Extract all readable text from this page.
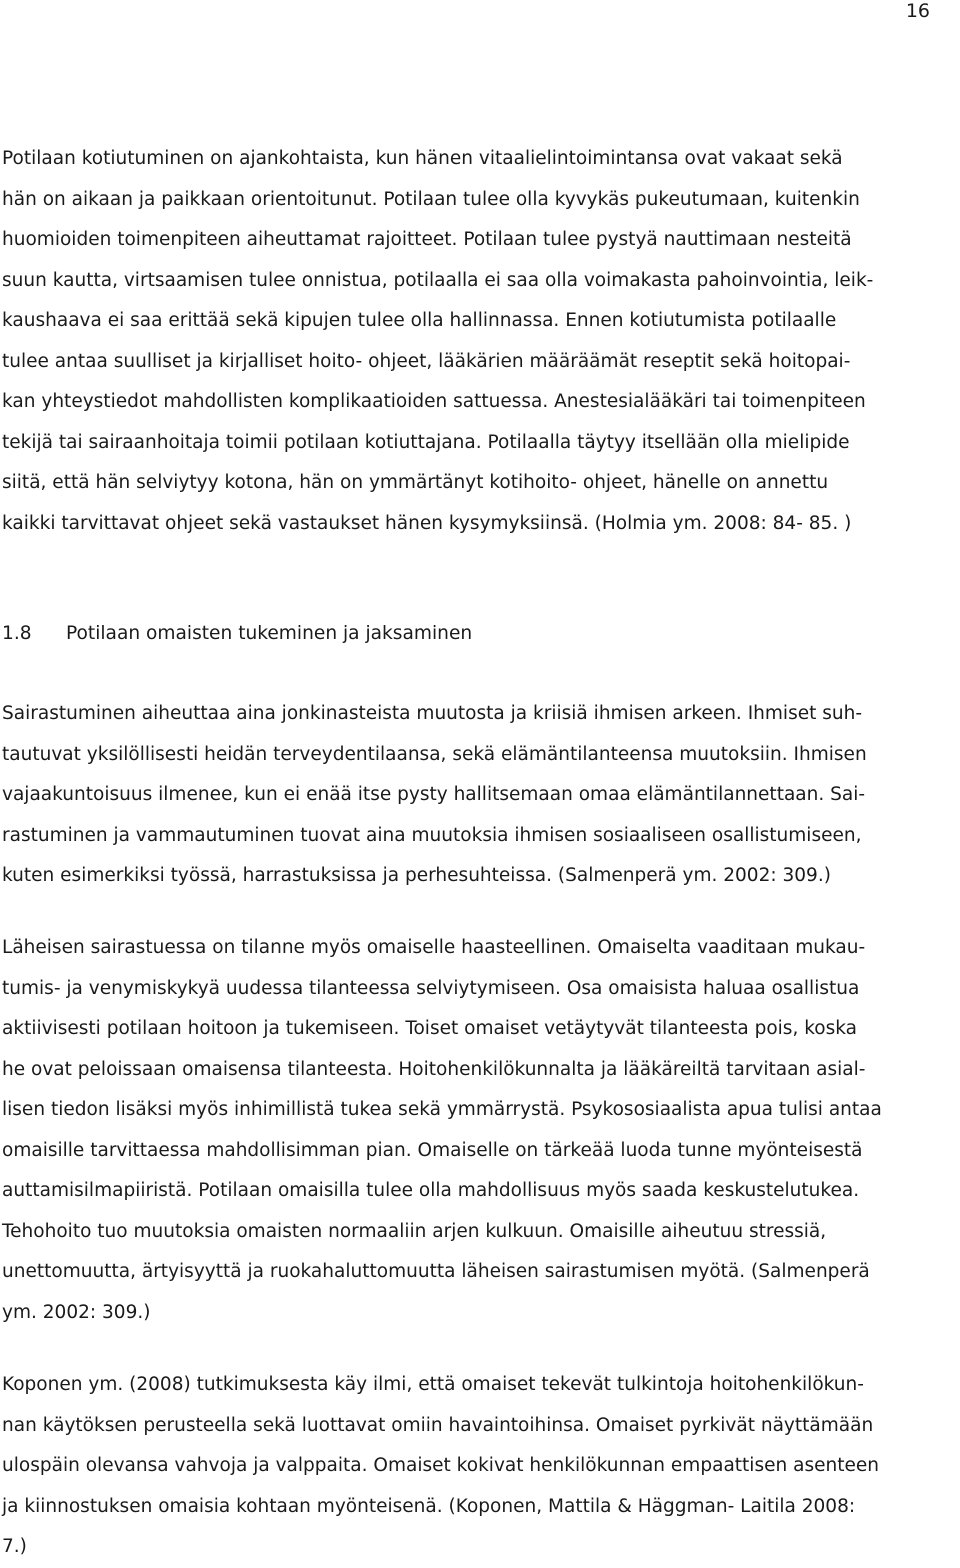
16
Potilaan kotiutuminen on ajankohtaista, kun hänen vitaalielintoimintansa ovat vakaat sekä
hän on aikaan ja paikkaan orientoitunut. Potilaan tulee olla kyvykäs pukeutumaan, kuitenkin
huomioiden toimenpiteen aiheuttamat rajoitteet. Potilaan tulee pystyä nauttimaan nesteitä
suun kautta, virtsaamisen tulee onnistua, potilaalla ei saa olla voimakasta pahoinvointia, leik-
kaushaava ei saa erittää sekä kipujen tulee olla hallinnassa. Ennen kotiutumista potilaalle
tulee antaa suulliset ja kirjalliset hoito- ohjeet, lääkärien määräämät reseptit sekä hoitopai-
kan yhteystiedot mahdollisten komplikaatioiden sattuessa. Anestesialääkäri tai toimenpiteen
tekijä tai sairaanhoitaja toimii potilaan kotiuttajana. Potilaalla täytyy itsellään olla mielipide
siitä, että hän selviytyy kotona, hän on ymmärtänyt kotihoito- ohjeet, hänelle on annettu
kaikki tarvittavat ohjeet sekä vastaukset hänen kysymyksiinsä. (Holmia ym. 2008: 84- 85. )
1.8 Potilaan omaisten tukeminen ja jaksaminen
Sairastuminen aiheuttaa aina jonkinasteista muutosta ja kriisiä ihmisen arkeen. Ihmiset suh-
tautuvat yksilöllisesti heidän terveydentilaansa, sekä elämäntilanteensa muutoksiin. Ihmisen
vajaakuntoisuus ilmenee, kun ei enää itse pysty hallitsemaan omaa elämäntilannettaan. Sai-
rastuminen ja vammautuminen tuovat aina muutoksia ihmisen sosiaaliseen osallistumiseen,
kuten esimerkiksi työssä, harrastuksissa ja perhesuhteissa. (Salmenperä ym. 2002: 309.)
Läheisen sairastuessa on tilanne myös omaiselle haasteellinen. Omaiselta vaaditaan mukau-
tumis- ja venymiskykyä uudessa tilanteessa selviytymiseen. Osa omaisista haluaa osallistua
aktiivisesti potilaan hoitoon ja tukemiseen. Toiset omaiset vetäytyvät tilanteesta pois, koska
he ovat peloissaan omaisensa tilanteesta. Hoitohenkilökunnalta ja lääkäreiltä tarvitaan asial-
lisen tiedon lisäksi myös inhimillistä tukea sekä ymmärrystä. Psykososiaalista apua tulisi antaa
omaisille tarvittaessa mahdollisimman pian. Omaiselle on tärkeää luoda tunne myönteisestä
auttamisilmapiiristä. Potilaan omaisilla tulee olla mahdollisuus myös saada keskustelutukea.
Tehohoito tuo muutoksia omaisten normaaliin arjen kulkuun. Omaisille aiheutuu stressiä,
unettomuutta, ärtyisyyttä ja ruokahaluttomuutta läheisen sairastumisen myötä. (Salmenperä
ym. 2002: 309.)
Koponen ym. (2008) tutkimuksesta käy ilmi, että omaiset tekevät tulkintoja hoitohenkilökun-
nan käytöksen perusteella sekä luottavat omiin havaintoihinsa. Omaiset pyrkivät näyttämään
ulospäin olevansa vahvoja ja valppaita. Omaiset kokivat henkilökunnan empaattisen asenteen
ja kiinnostuksen omaisia kohtaan myönteisenä. (Koponen, Mattila & Häggman- Laitila 2008:
7.)
